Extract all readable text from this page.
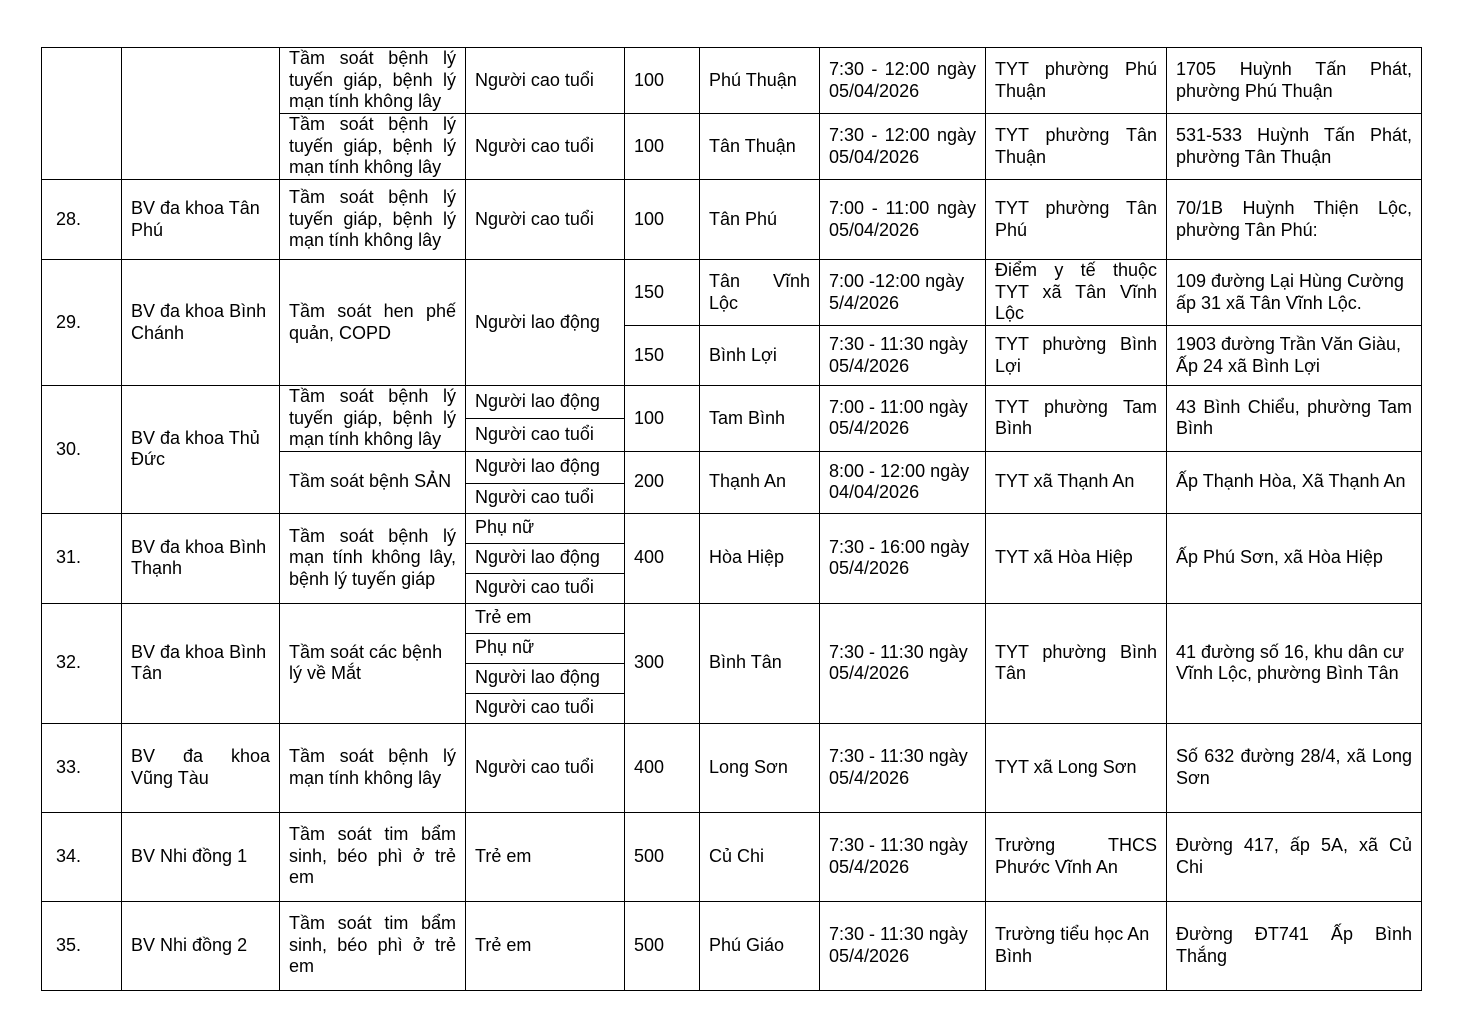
		Tầm soát bệnh lý tuyến giáp, bệnh lý mạn tính không lây	Người cao tuổi	100	Phú Thuận	7:30 - 12:00 ngày 05/04/2026	TYT phường Phú Thuận	1705 Huỳnh Tấn Phát, phường Phú Thuận
		Tầm soát bệnh lý tuyến giáp, bệnh lý mạn tính không lây	Người cao tuổi	100	Tân Thuận	7:30 - 12:00 ngày 05/04/2026	TYT phường Tân Thuận	531-533 Huỳnh Tấn Phát, phường Tân Thuận
28.	BV đa khoa Tân Phú	Tầm soát bệnh lý tuyến giáp, bệnh lý mạn tính không lây	Người cao tuổi	100	Tân Phú	7:00 - 11:00 ngày 05/04/2026	TYT phường Tân Phú	70/1B Huỳnh Thiện Lộc, phường Tân Phú:
29.	BV đa khoa Bình Chánh	Tầm soát hen phế quản, COPD	Người lao động	150	Tân Vĩnh Lộc	7:00 -12:00 ngày 5/4/2026	Điểm y tế thuộc TYT xã Tân Vĩnh Lộc	109 đường Lại Hùng Cường ấp 31 xã Tân Vĩnh Lộc.
				150	Bình Lợi	7:30 - 11:30 ngày 05/4/2026	TYT phường Bình Lợi	1903 đường Trần Văn Giàu, Ấp 24 xã Bình Lợi
30.	BV đa khoa Thủ Đức	Tầm soát bệnh lý tuyến giáp, bệnh lý mạn tính không lây	Người lao động	100	Tam Bình	7:00 - 11:00 ngày 05/4/2026	TYT phường Tam Bình	43 Bình Chiểu, phường Tam Bình
			Người cao tuổi					
		Tầm soát bệnh SẢN	Người lao động	200	Thạnh An	8:00 - 12:00 ngày 04/04/2026	TYT xã Thạnh An	Ấp Thạnh Hòa, Xã Thạnh An
			Người cao tuổi					
31.	BV đa khoa Bình Thạnh	Tầm soát bệnh lý mạn tính không lây, bệnh lý tuyến giáp	Phụ nữ	400	Hòa Hiệp	7:30 - 16:00 ngày 05/4/2026	TYT xã Hòa Hiệp	Ấp Phú Sơn, xã Hòa Hiệp
			Người lao động					
			Người cao tuổi					
32.	BV đa khoa Bình Tân	Tầm soát các bệnh lý về Mắt	Trẻ em	300	Bình Tân	7:30 - 11:30 ngày 05/4/2026	TYT phường Bình Tân	41 đường số 16, khu dân cư Vĩnh Lộc, phường Bình Tân
			Phụ nữ					
			Người lao động					
			Người cao tuổi					
33.	BV đa khoa Vũng Tàu	Tầm soát bệnh lý mạn tính không lây	Người cao tuổi	400	Long Sơn	7:30 - 11:30 ngày 05/4/2026	TYT xã Long Sơn	Số 632 đường 28/4, xã Long Sơn
34.	BV Nhi đồng 1	Tầm soát tim bẩm sinh, béo phì ở trẻ em	Trẻ em	500	Củ Chi	7:30 - 11:30 ngày 05/4/2026	Trường THCS Phước Vĩnh An	Đường 417, ấp 5A, xã Củ Chi
35.	BV Nhi đồng 2	Tầm soát tim bẩm sinh, béo phì ở trẻ em	Trẻ em	500	Phú Giáo	7:30 - 11:30 ngày 05/4/2026	Trường tiểu học An Bình	Đường ĐT741 Ấp Bình Thắng
